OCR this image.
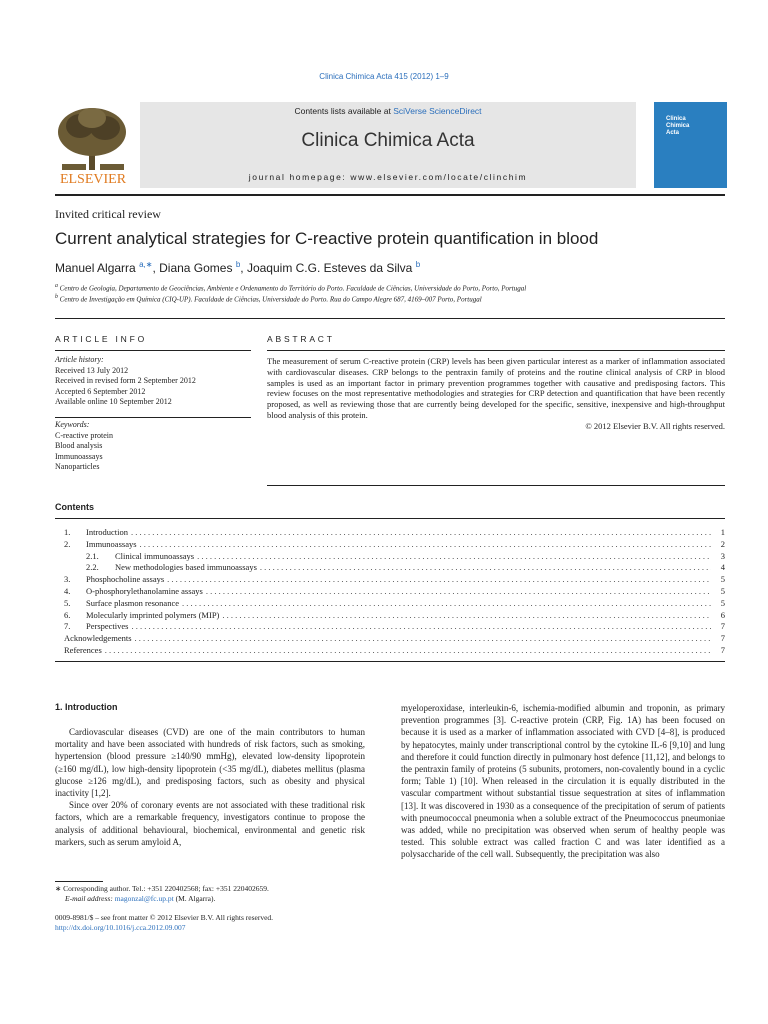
Clinica Chimica Acta 415 (2012) 1–9
ELSEVIER
Contents lists available at SciVerse ScienceDirect
Clinica Chimica Acta
journal homepage: www.elsevier.com/locate/clinchim
Clinica
Chimica
Acta
Invited critical review
Current analytical strategies for C-reactive protein quantification in blood
Manuel Algarra $^{a,∗}$, Diana Gomes $^b$, Joaquim C.G. Esteves da Silva $^b$
$^a$ Centro de Geologia, Departamento de Geociências, Ambiente e Ordenamento do Território do Porto. Faculdade de Ciências, Universidade do Porto, Porto, Portugal
$^b$ Centro de Investigação em Química (CIQ-UP). Faculdade de Ciências, Universidade do Porto. Rua do Campo Alegre 687, 4169–007 Porto, Portugal
ARTICLE INFO
Article history:
Received 13 July 2012
Received in revised form 2 September 2012
Accepted 6 September 2012
Available online 10 September 2012
Keywords:
C-reactive protein
Blood analysis
Immunoassays
Nanoparticles
ABSTRACT
The measurement of serum C-reactive protein (CRP) levels has been given particular interest as a marker of inflammation associated with cardiovascular diseases. CRP belongs to the pentraxin family of proteins and the routine clinical analysis of CRP in blood samples is used as an important factor in primary prevention programmes together with causative and predisposing factors. This review focuses on the most representative methodologies and strategies for CRP detection and quantification that have been recently proposed, as well as reviewing those that are currently being developed for the specific, sensitive, inexpensive and high-throughput blood analysis of this protein.
© 2012 Elsevier B.V. All rights reserved.
Contents
1.	Introduction . . .	1
2.	Immunoassays . . .	2
2.1.	Clinical immunoassays . . .	3
2.2.	New methodologies based immunoassays . . .	4
3.	Phosphocholine assays . . .	5
4.	O-phosphorylethanolamine assays . . .	5
5.	Surface plasmon resonance . . .	5
6.	Molecularly imprinted polymers (MIP) . . .	6
7.	Perspectives . . .	7
Acknowledgements . . .	7
References . . .	7
1. Introduction

Cardiovascular diseases (CVD) are one of the main contributors to human mortality and have been associated with hundreds of risk factors, such as smoking, hypertension (blood pressure ≥140/90 mmHg), elevated low-density lipoprotein (≥160 mg/dL), low high-density lipoprotein (<35 mg/dL), diabetes mellitus (plasma glucose ≥126 mg/dL), and predisposing factors, such as obesity and physical inactivity [1,2].

Since over 20% of coronary events are not associated with these traditional risk factors, which are a remarkable frequency, investigators continue to propose the analysis of additional behavioural, biochemical, environmental and genetic risk markers, such as serum amyloid A,

∗ Corresponding author. Tel.: +351 220402568; fax: +351 220402659.
E-mail address: magonzal@fc.up.pt (M. Algarra).
0009-8981/$ – see front matter © 2012 Elsevier B.V. All rights reserved.
http://dx.doi.org/10.1016/j.cca.2012.09.007

myeloperoxidase, interleukin-6, ischemia-modified albumin and troponin, as primary prevention programmes [3]. C-reactive protein (CRP, Fig. 1A) has been focused on because it is used as a marker of inflammation associated with CVD [4–8], is produced by hepatocytes, mainly under transcriptional control by the cytokine IL-6 [9,10] and lung and therefore it could function directly in pulmonary host defence [11,12], and belongs to the pentraxin family of proteins (5 subunits, protomers, non-covalently bound in a cyclic form; Table 1) [10]. When released in the circulation it is equally distributed in the vascular compartment without substantial tissue sequestration at sites of inflammation [13]. It was discovered in 1930 as a consequence of the precipitation of serum of patients with pneumococcal pneumonia when a soluble extract of the Pneumococcus pneumoniae was added, while no precipitation was observed when serum of healthy people was tested. This soluble extract was called fraction C and was later identified as a polysaccharide of the cell wall. Subsequently, the precipitation was also
